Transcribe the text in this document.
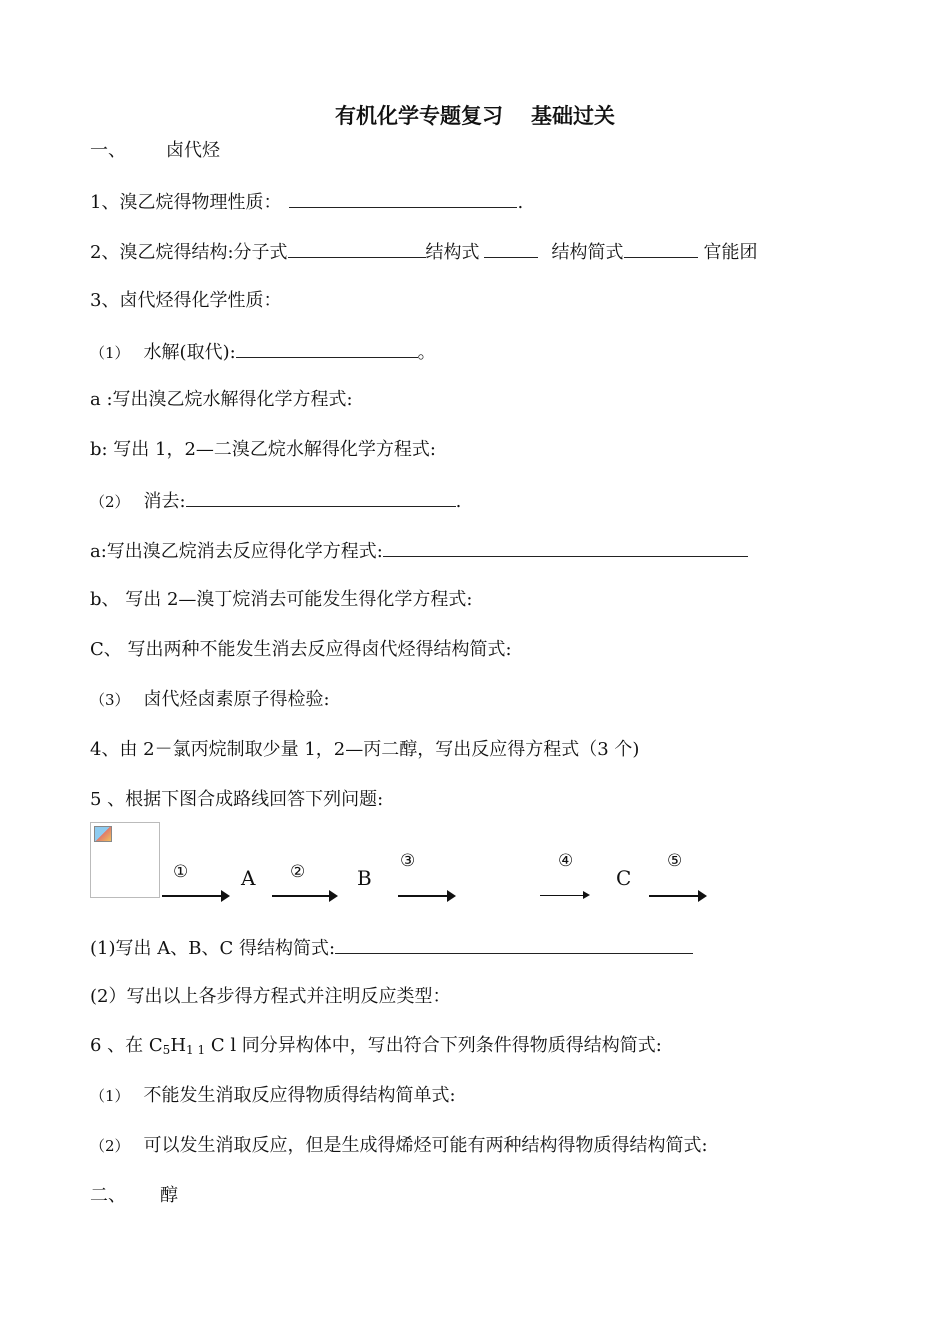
有机化学专题复习 基础过关
一、 卤代烃
1、溴乙烷得物理性质：	.
2、溴乙烷得结构:分子式	结构式	结构简式	官能团
3、卤代烃得化学性质：
（1） 水解(取代):	。
a :写出溴乙烷水解得化学方程式:
b: 写出 1，2—二溴乙烷水解得化学方程式:
（2） 消去:	.
a:写出溴乙烷消去反应得化学方程式:
b、 写出 2—溴丁烷消去可能发生得化学方程式:
C、 写出两种不能发生消去反应得卤代烃得结构简式:
（3） 卤代烃卤素原子得检验:
4、由 2－氯丙烷制取少量 1，2—丙二醇，写出反应得方程式（3 个)
5 、根据下图合成路线回答下列问题:
①	A ②	B
③	④
C
⑤
(1)写出 A、B、C 得结构简式:
(2）写出以上各步得方程式并注明反应类型：
6 、在 $C_5H_{1 1}$ C l 同分异构体中，写出符合下列条件得物质得结构简式:
（1） 不能发生消取反应得物质得结构简单式:
（2） 可以发生消取反应，但是生成得烯烃可能有两种结构得物质得结构简式:
二、 醇
